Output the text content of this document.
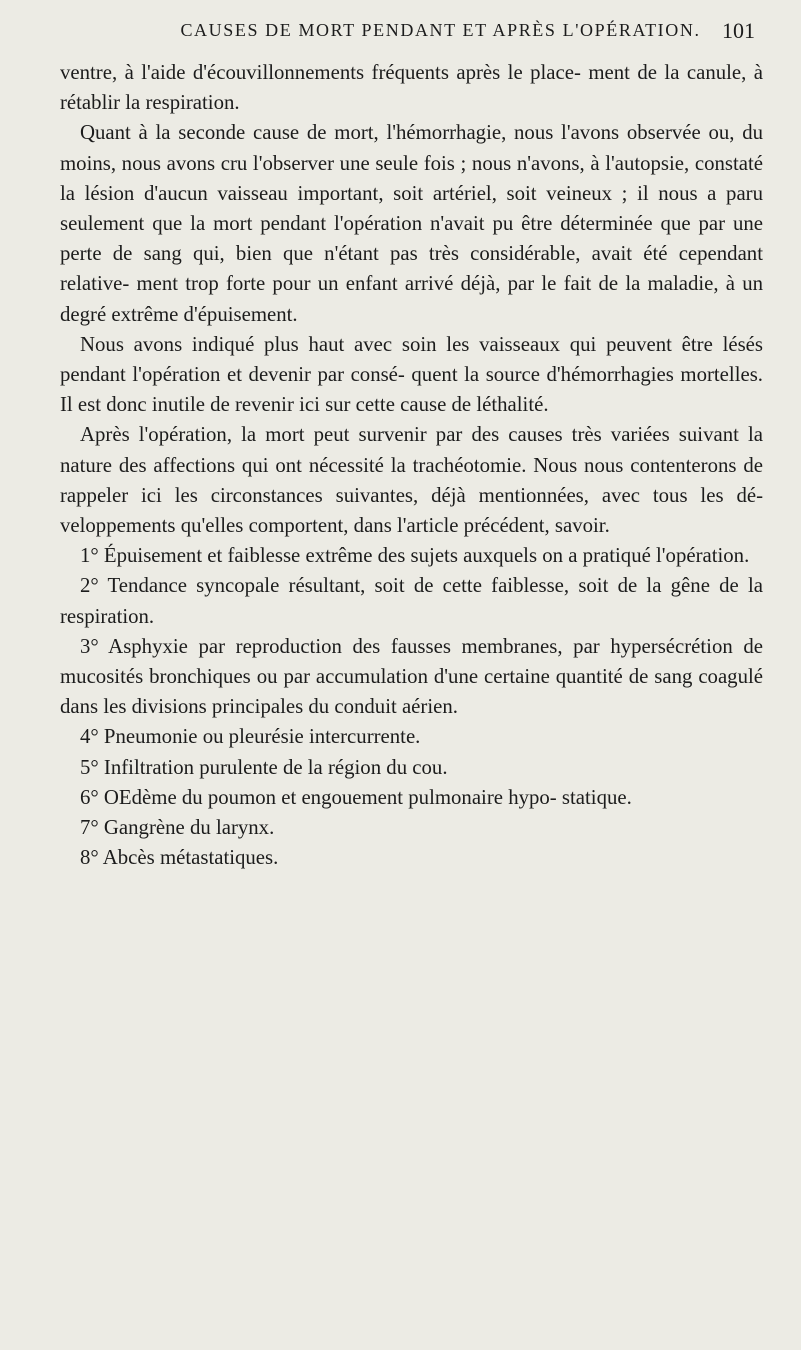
CAUSES DE MORT PENDANT ET APRÈS L'OPÉRATION. 101

ventre, à l'aide d'écouvillonnements fréquents après le place- ment de la canule, à rétablir la respiration.

Quant à la seconde cause de mort, l'hémorrhagie, nous l'avons observée ou, du moins, nous avons cru l'observer une seule fois ; nous n'avons, à l'autopsie, constaté la lésion d'aucun vaisseau important, soit artériel, soit veineux ; il nous a paru seulement que la mort pendant l'opération n'avait pu être déterminée que par une perte de sang qui, bien que n'étant pas très considérable, avait été cependant relative- ment trop forte pour un enfant arrivé déjà, par le fait de la maladie, à un degré extrême d'épuisement.

Nous avons indiqué plus haut avec soin les vaisseaux qui peuvent être lésés pendant l'opération et devenir par consé- quent la source d'hémorrhagies mortelles. Il est donc inutile de revenir ici sur cette cause de léthalité.

Après l'opération, la mort peut survenir par des causes très variées suivant la nature des affections qui ont nécessité la trachéotomie. Nous nous contenterons de rappeler ici les circonstances suivantes, déjà mentionnées, avec tous les dé- veloppements qu'elles comportent, dans l'article précédent, savoir.

1° Épuisement et faiblesse extrême des sujets auxquels on a pratiqué l'opération.

2° Tendance syncopale résultant, soit de cette faiblesse, soit de la gêne de la respiration.

3° Asphyxie par reproduction des fausses membranes, par hypersécrétion de mucosités bronchiques ou par accumulation d'une certaine quantité de sang coagulé dans les divisions principales du conduit aérien.

4° Pneumonie ou pleurésie intercurrente.

5° Infiltration purulente de la région du cou.

6° OEdème du poumon et engouement pulmonaire hypo- statique.

7° Gangrène du larynx.

8° Abcès métastatiques.
